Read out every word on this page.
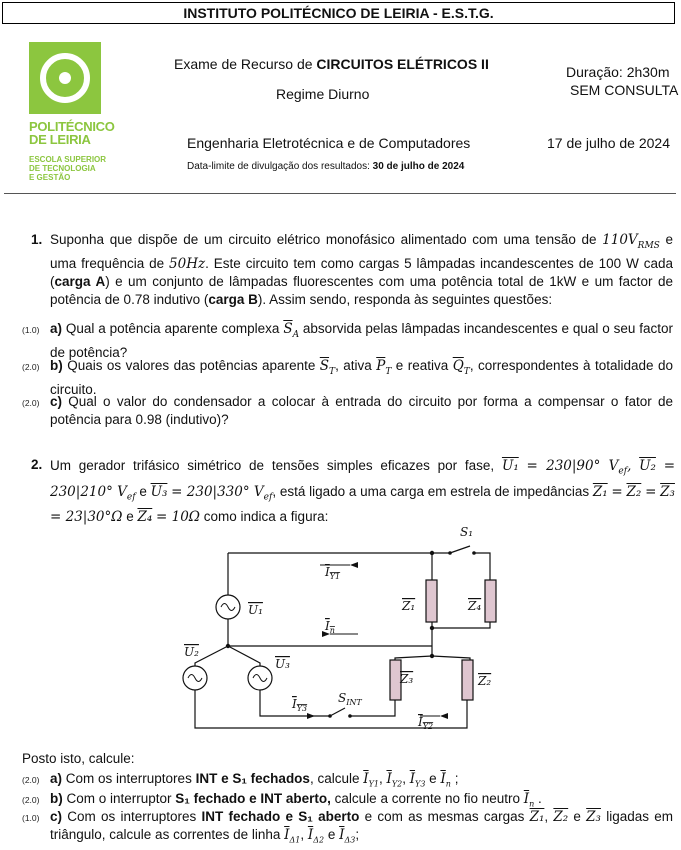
INSTITUTO POLITÉCNICO DE LEIRIA - E.S.T.G.
POLITÉCNICO
DE LEIRIA
ESCOLA SUPERIOR
DE TECNOLOGIA
E GESTÃO
Exame de Recurso de CIRCUITOS ELÉTRICOS II
Regime Diurno
Engenharia Eletrotécnica e de Computadores
Data-limite de divulgação dos resultados: 30 de julho de 2024
Duração: 2h30m
SEM CONSULTA
17 de julho de 2024
1. Suponha que dispõe de um circuito elétrico monofásico alimentado com uma tensão de $110V_{RMS}$ e uma frequência de 50Hz. Este circuito tem como cargas 5 lâmpadas incandescentes de 100 W cada (carga A) e um conjunto de lâmpadas fluorescentes com uma potência total de 1kW e um factor de potência de 0.78 indutivo (carga B). Assim sendo, responda às seguintes questões:
(1.0) a) Qual a potência aparente complexa $\overline{S}_A$ absorvida pelas lâmpadas incandescentes e qual o seu factor de potência?
(2.0) b) Quais os valores das potências aparente $\overline{S}_T$, ativa $\overline{P}_T$ e reativa $\overline{Q}_T$, correspondentes à totalidade do circuito.
(2.0) c) Qual o valor do condensador a colocar à entrada do circuito por forma a compensar o fator de potência para 0.98 (indutivo)?
2. Um gerador trifásico simétrico de tensões simples eficazes por fase, U₁ = 230|90° $V_{ef}$, U₂ = 230|210° $V_{ef}$ e U₃ = 230|330° $V_{ef}$, está ligado a uma carga em estrela de impedâncias Z₁ = Z₂ = Z₃ = 23|30°Ω e Z₄ = 10Ω como indica a figura:
S₁
$I_{Y1}$
Z₁	Z₄
U₁
$I_n$
U₂
U₃
Z₃	Z₂
$I_{Y3}$
$S_{INT}$
$I_{Y2}$
Posto isto, calcule:
(2.0) a) Com os interruptores INT e S₁ fechados, calcule $\overline{I}_{Y1}$, $\overline{I}_{Y2}$, $\overline{I}_{Y3}$ e $\overline{I}_n$ ;
(2.0) b) Com o interruptor S₁ fechado e INT aberto, calcule a corrente no fio neutro $\overline{I}_n$ .
(1.0) c) Com os interruptores INT fechado e S₁ aberto e com as mesmas cargas Z₁, Z₂ e Z₃ ligadas em triângulo, calcule as correntes de linha $\overline{I}_{\Delta 1}$, $\overline{I}_{\Delta 2}$ e $\overline{I}_{\Delta 3}$;
